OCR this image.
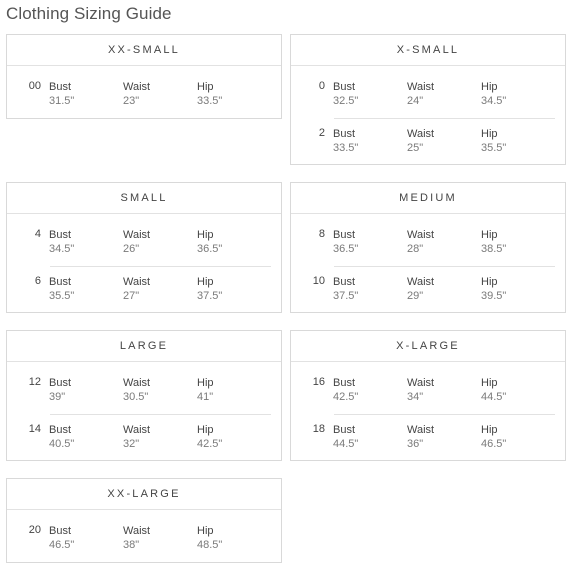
Clothing Sizing Guide
XX-SMALL
00 Bust
31.5"
Waist
23"
Hip
33.5"
X-SMALL
0 Bust
32.5"
Waist
24"
Hip
34.5"
2 Bust
33.5"
Waist
25"
Hip
35.5"
SMALL
4 Bust
34.5"
Waist
26"
Hip
36.5"
6 Bust
35.5"
Waist
27"
Hip
37.5"
MEDIUM
8 Bust
36.5"
Waist
28"
Hip
38.5"
10 Bust
37.5"
Waist
29"
Hip
39.5"
LARGE
12 Bust
39"
Waist
30.5"
Hip
41"
14 Bust
40.5"
Waist
32"
Hip
42.5"
X-LARGE
16 Bust
42.5"
Waist
34"
Hip
44.5"
18 Bust
44.5"
Waist
36"
Hip
46.5"
XX-LARGE
20 Bust
46.5"
Waist
38"
Hip
48.5"
